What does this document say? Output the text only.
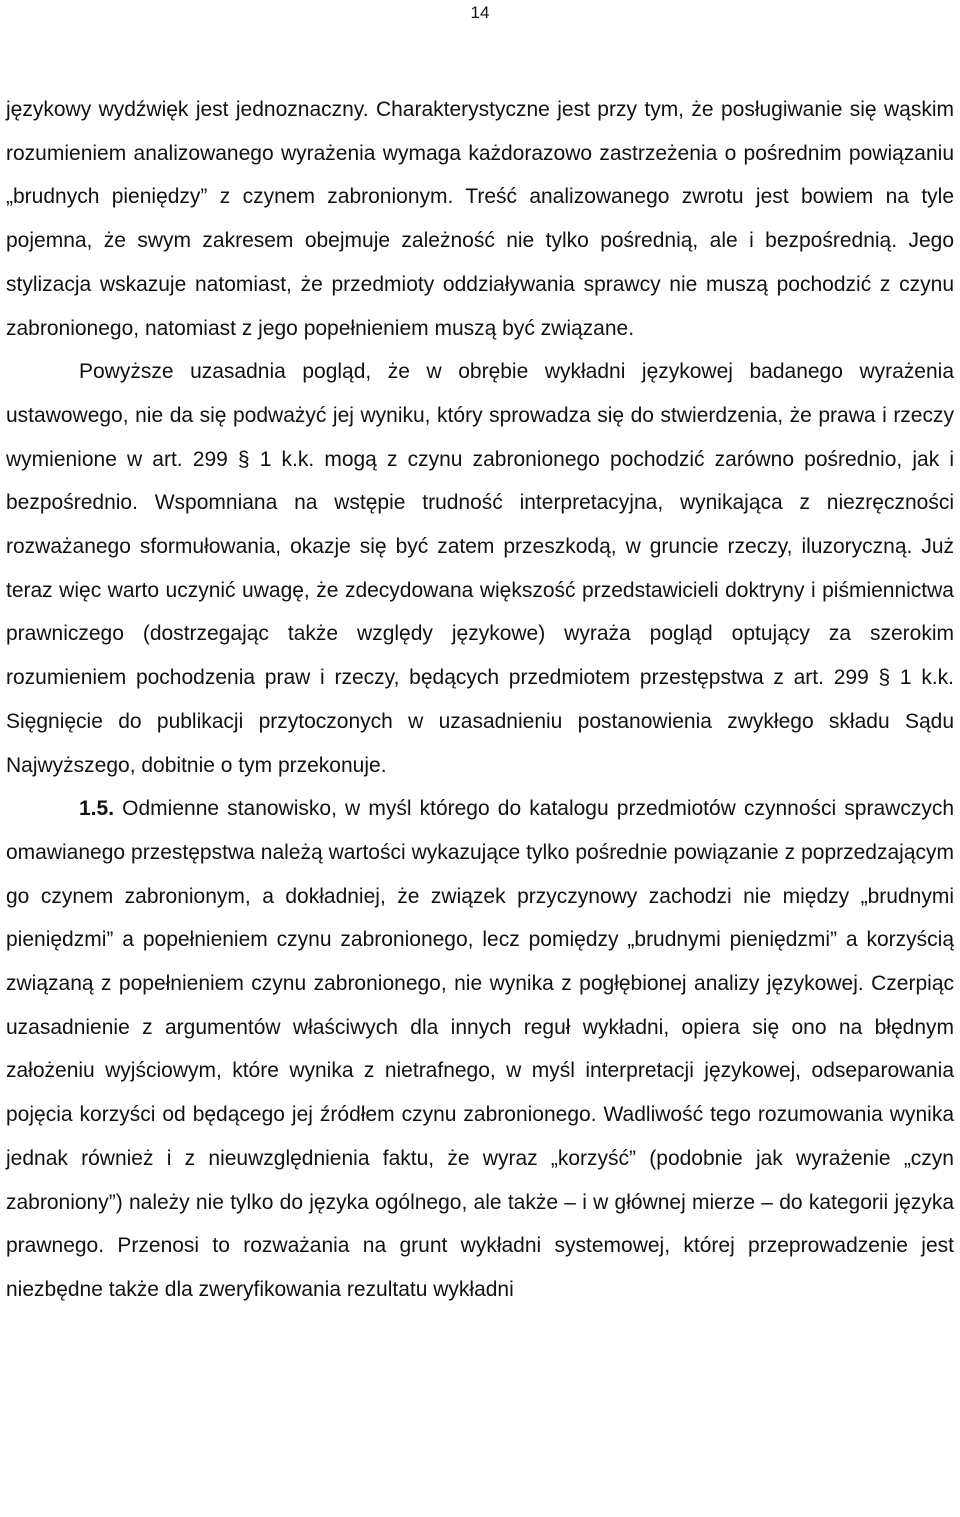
14

językowy wydźwięk jest jednoznaczny. Charakterystyczne jest przy tym, że posługiwanie się wąskim rozumieniem analizowanego wyrażenia wymaga każdorazowo zastrzeżenia o pośrednim powiązaniu „brudnych pieniędzy” z czynem zabronionym. Treść analizowanego zwrotu jest bowiem na tyle pojemna, że swym zakresem obejmuje zależność nie tylko pośrednią, ale i bezpośrednią. Jego stylizacja wskazuje natomiast, że przedmioty oddziaływania sprawcy nie muszą pochodzić z czynu zabronionego, natomiast z jego popełnieniem muszą być związane.

Powyższe uzasadnia pogląd, że w obrębie wykładni językowej badanego wyrażenia ustawowego, nie da się podważyć jej wyniku, który sprowadza się do stwierdzenia, że prawa i rzeczy wymienione w art. 299 § 1 k.k. mogą z czynu zabronionego pochodzić zarówno pośrednio, jak i bezpośrednio. Wspomniana na wstępie trudność interpretacyjna, wynikająca z niezręczności rozważanego sformułowania, okazje się być zatem przeszkodą, w gruncie rzeczy, iluzoryczną. Już teraz więc warto uczynić uwagę, że zdecydowana większość przedstawicieli doktryny i piśmiennictwa prawniczego (dostrzegając także względy językowe) wyraża pogląd optujący za szerokim rozumieniem pochodzenia praw i rzeczy, będących przedmiotem przestępstwa z art. 299 § 1 k.k. Sięgnięcie do publikacji przytoczonych w uzasadnieniu postanowienia zwykłego składu Sądu Najwyższego, dobitnie o tym przekonuje.

1.5. Odmienne stanowisko, w myśl którego do katalogu przedmiotów czynności sprawczych omawianego przestępstwa należą wartości wykazujące tylko pośrednie powiązanie z poprzedzającym go czynem zabronionym, a dokładniej, że związek przyczynowy zachodzi nie między „brudnymi pieniędzmi” a popełnieniem czynu zabronionego, lecz pomiędzy „brudnymi pieniędzmi” a korzyścią związaną z popełnieniem czynu zabronionego, nie wynika z pogłębionej analizy językowej. Czerpiąc uzasadnienie z argumentów właściwych dla innych reguł wykładni, opiera się ono na błędnym założeniu wyjściowym, które wynika z nietrafnego, w myśl interpretacji językowej, odseparowania pojęcia korzyści od będącego jej źródłem czynu zabronionego. Wadliwość tego rozumowania wynika jednak również i z nieuwzględnienia faktu, że wyraz „korzyść” (podobnie jak wyrażenie „czyn zabroniony”) należy nie tylko do języka ogólnego, ale także – i w głównej mierze – do kategorii języka prawnego. Przenosi to rozważania na grunt wykładni systemowej, której przeprowadzenie jest niezbędne także dla zweryfikowania rezultatu wykładni
